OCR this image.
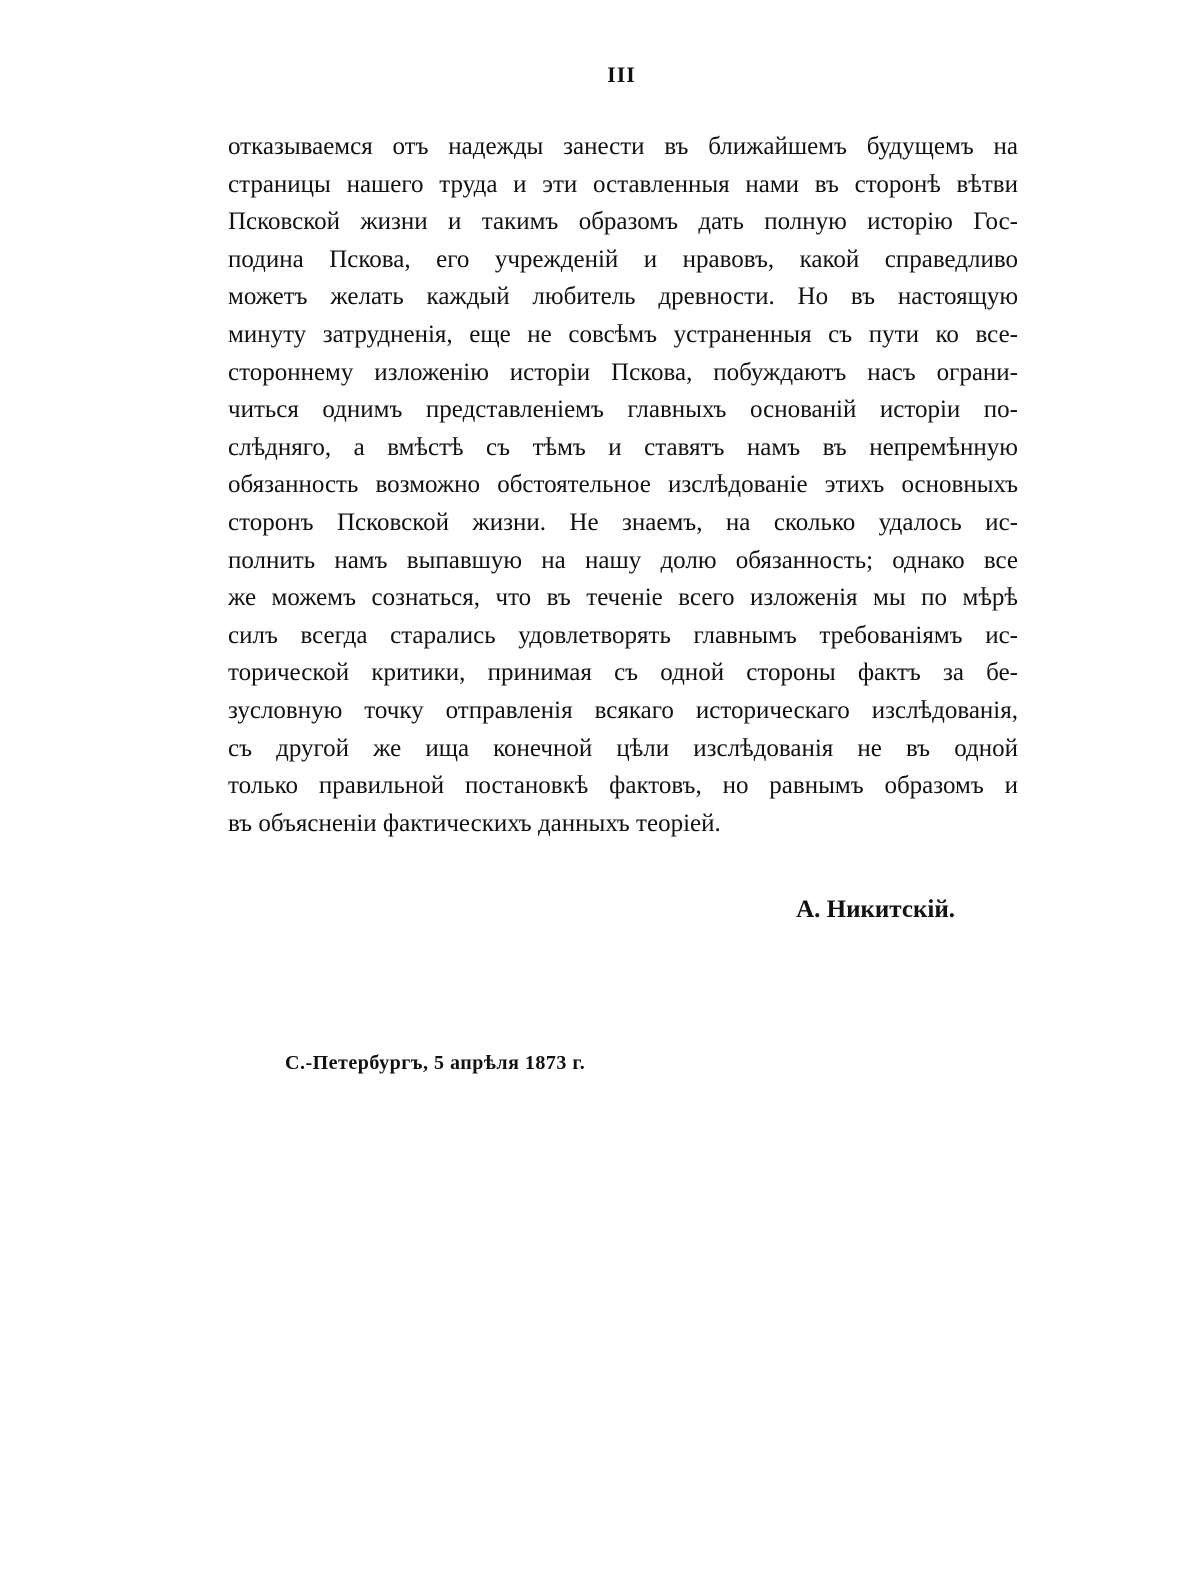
III
отказываемся отъ надежды занести въ ближайшемъ будущемъ на
страницы нашего труда и эти оставленныя нами въ сторонѣ вѣтви
Псковской жизни и такимъ образомъ дать полную исторію Гос-
подина Пскова, его учрежденій и нравовъ, какой справедливо
можетъ желать каждый любитель древности. Но въ настоящую
минуту затрудненія, еще не совсѣмъ устраненныя съ пути ко все-
стороннему изложенію исторіи Пскова, побуждаютъ насъ ограни-
читься однимъ представленіемъ главныхъ основаній исторіи по-
слѣдняго, а вмѣстѣ съ тѣмъ и ставятъ намъ въ непремѣнную
обязанность возможно обстоятельное изслѣдованіе этихъ основныхъ
сторонъ Псковской жизни. Не знаемъ, на сколько удалось ис-
полнить намъ выпавшую на нашу долю обязанность; однако все
же можемъ сознаться, что въ теченіе всего изложенія мы по мѣрѣ
силъ всегда старались удовлетворять главнымъ требованіямъ ис-
торической критики, принимая съ одной стороны фактъ за бе-
зусловную точку отправленія всякаго историческаго изслѣдованія,
съ другой же ища конечной цѣли изслѣдованія не въ одной
только правильной постановкѣ фактовъ, но равнымъ образомъ и
въ объясненіи фактическихъ данныхъ теоріей.
А. Никитскій.
С.-Петербургъ, 5 апрѣля 1873 г.
